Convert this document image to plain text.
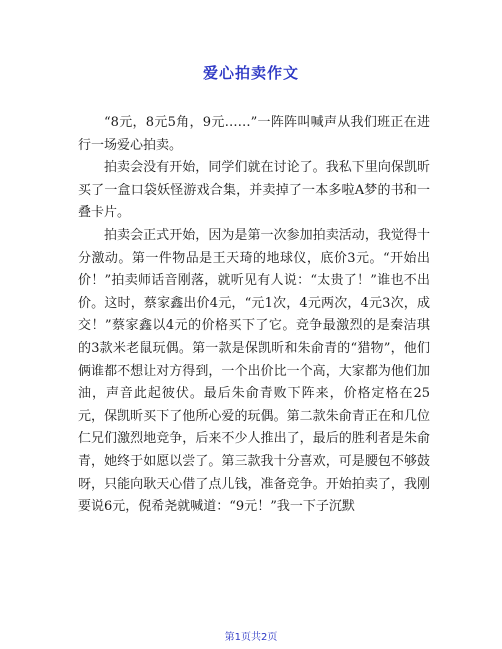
爱心拍卖作文

“8元，8元5角，9元……”一阵阵叫喊声从我们班正在进行一场爱心拍卖。

拍卖会没有开始，同学们就在讨论了。我私下里向保凯昕买了一盒口袋妖怪游戏合集，并卖掉了一本多啦A梦的书和一叠卡片。

拍卖会正式开始，因为是第一次参加拍卖活动，我觉得十分激动。第一件物品是王天琦的地球仪，底价3元。“开始出价！”拍卖师话音刚落，就听见有人说：“太贵了！”谁也不出价。这时，蔡家鑫出价4元，“元1次，4元两次，4元3次，成交！”蔡家鑫以4元的价格买下了它。竞争最激烈的是秦洁琪的3款米老鼠玩偶。第一款是保凯昕和朱俞青的“猎物”，他们俩谁都不想让对方得到，一个出价比一个高，大家都为他们加油，声音此起彼伏。最后朱俞青败下阵来，价格定格在25元，保凯昕买下了他所心爱的玩偶。第二款朱俞青正在和几位仁兄们激烈地竞争，后来不少人推出了，最后的胜利者是朱俞青，她终于如愿以尝了。第三款我十分喜欢，可是腰包不够鼓呀，只能向耿天心借了点儿钱，准备竞争。开始拍卖了，我刚要说6元，倪希尧就喊道：“9元！”我一下子沉默

第1页共2页
